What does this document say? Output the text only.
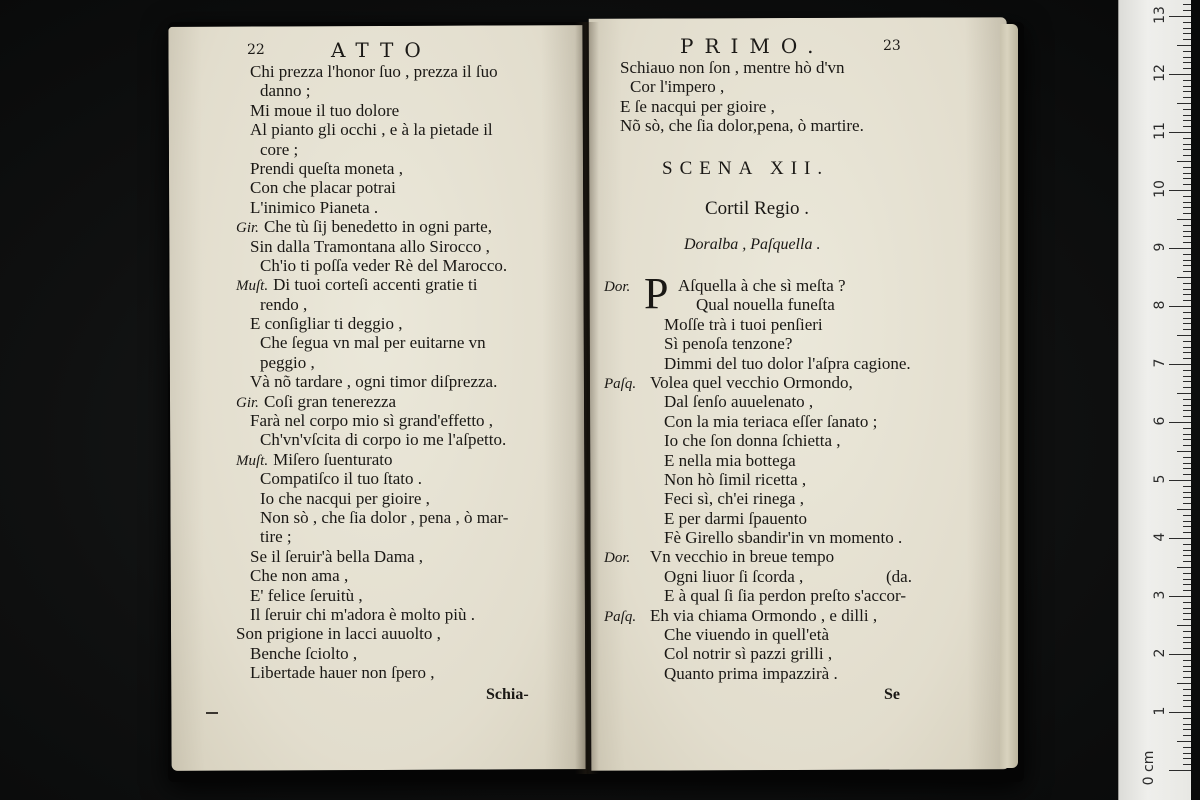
22	ATTO
Chi prezza l'honor ſuo , prezza il ſuo
danno ;
Mi moue il tuo dolore
Al pianto gli occhi , e à la pietade il
core ;
Prendi queſta moneta ,
Con che placar potrai
L'inimico Pianeta .
Gir. Che tù ſij benedetto in ogni parte,
Sin dalla Tramontana allo Sirocco ,
Ch'io ti poſſa veder Rè del Marocco.
Muſt. Di tuoi corteſi accenti gratie ti
rendo ,
E conſigliar ti deggio ,
Che ſegua vn mal per euitarne vn
peggio ,
Và nõ tardare , ogni timor diſprezza.
Gir. Coſi gran tenerezza
Farà nel corpo mio sì grand'effetto ,
Ch'vn'vſcita di corpo io me l'aſpetto.
Muſt. Miſero ſuenturato
Compatiſco il tuo ſtato .
Io che nacqui per gioire ,
Non sò , che ſia dolor , pena , ò mar-
tire ;
Se il ſeruir'à bella Dama ,
Che non ama ,
E' felice ſeruitù ,
Il ſeruir chi m'adora è molto più .
Son prigione in lacci auuolto ,
Benche ſciolto ,
Libertade hauer non ſpero ,
Schia-
PRIMO.	23
Schiauo non ſon , mentre hò d'vn
Cor l'impero ,
E ſe nacqui per gioire ,
Nõ sò, che ſia dolor,pena, ò martire.
SCENA XII.
Cortil Regio .
Doralba , Paſquella .
Dor. P Aſquella à che sì meſta ?
Qual nouella funeſta
Moſſe trà i tuoi penſieri
Sì penoſa tenzone?
Dimmi del tuo dolor l'aſpra cagione.
Paſq. Volea quel vecchio Ormondo,
Dal ſenſo auuelenato ,
Con la mia teriaca eſſer ſanato ;
Io che ſon donna ſchietta ,
E nella mia bottega
Non hò ſimil ricetta ,
Feci sì, ch'ei rinega ,
E per darmi ſpauento
Fè Girello sbandir'in vn momento .
Dor. Vn vecchio in breue tempo
Ogni liuor ſi ſcorda ,	(da.
E à qual ſi ſia perdon preſto s'accor-
Paſq. Eh via chiama Ormondo , e dilli ,
Che viuendo in quell'età
Col notrir sì pazzi grilli ,
Quanto prima impazzirà .
Se
0 cm
1
2
3
4
5
6
7
8
9
10
11
12
13
